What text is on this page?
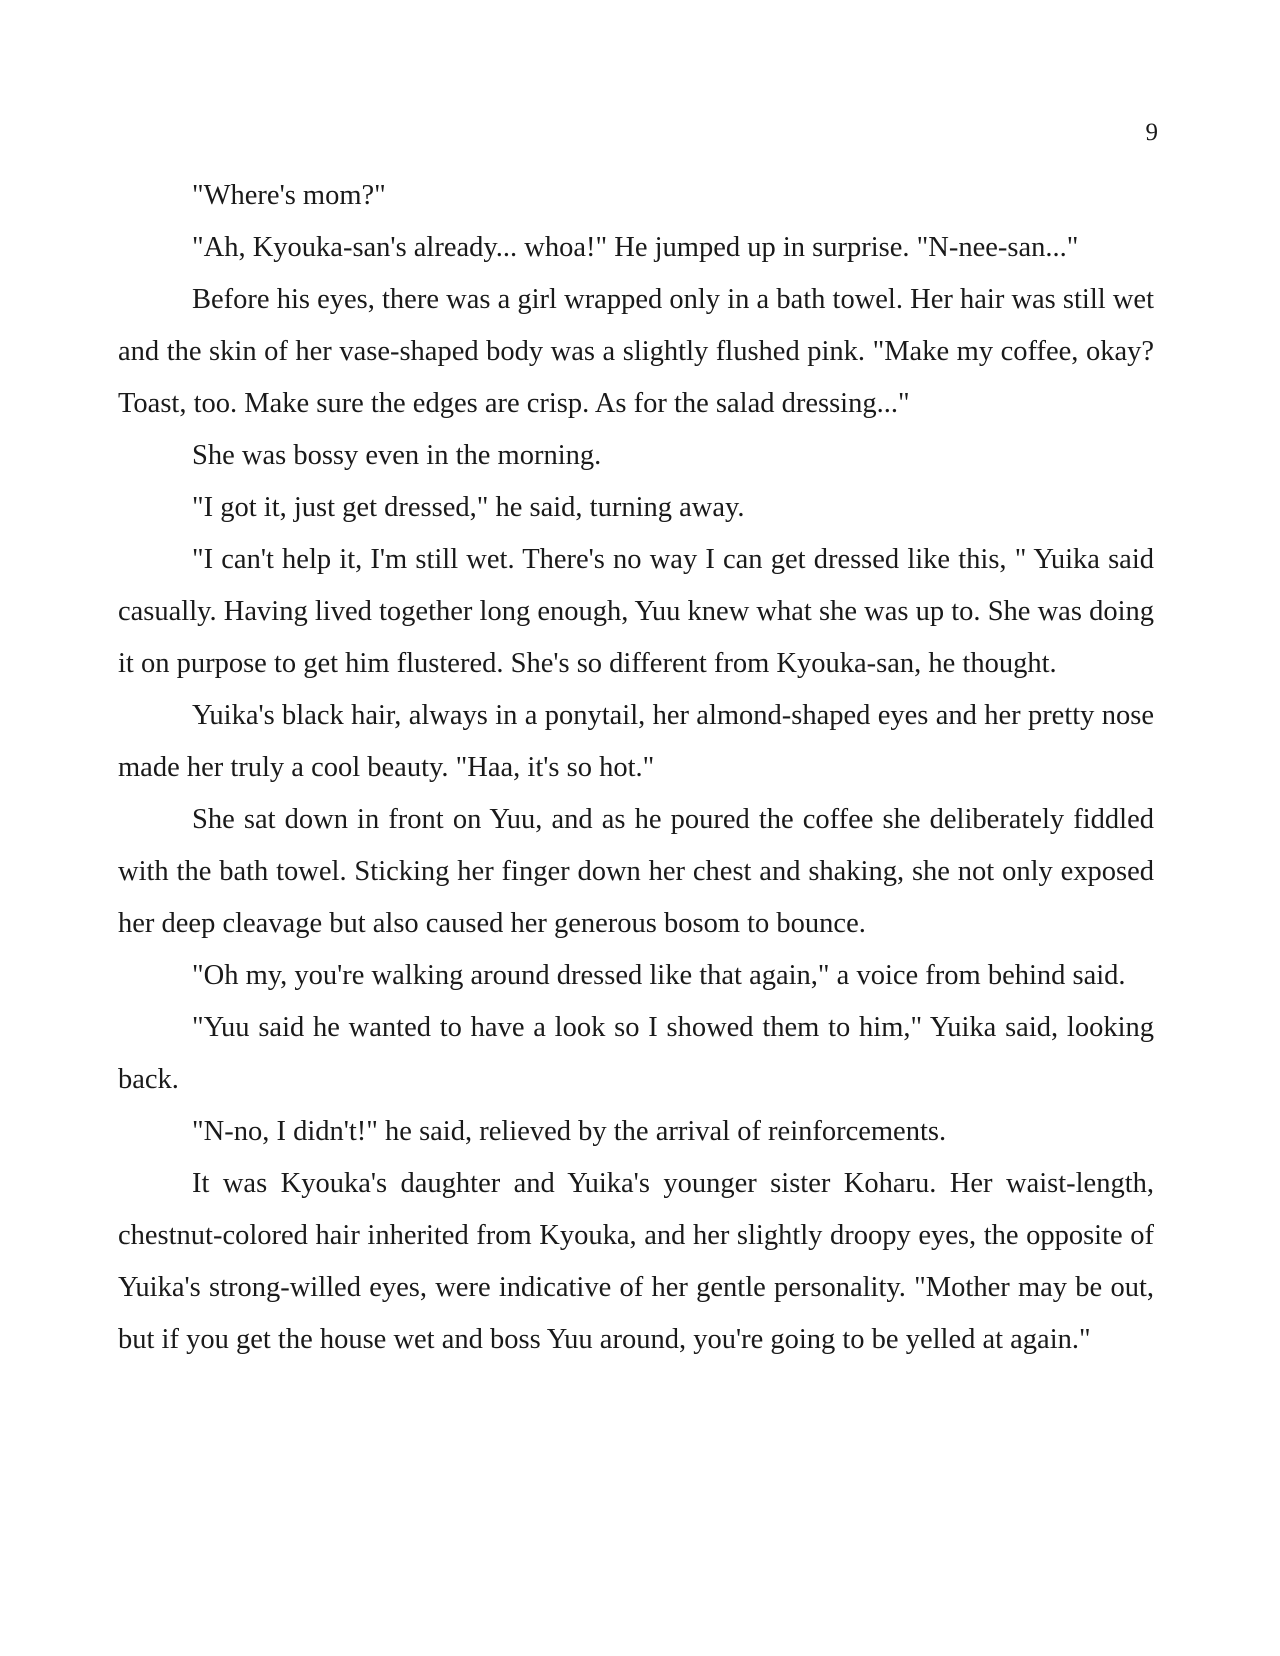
9

"Where's mom?"

"Ah, Kyouka-san's already... whoa!" He jumped up in surprise. "N-nee-san..."

Before his eyes, there was a girl wrapped only in a bath towel. Her hair was still wet and the skin of her vase-shaped body was a slightly flushed pink. "Make my coffee, okay? Toast, too. Make sure the edges are crisp. As for the salad dressing..."

She was bossy even in the morning.

"I got it, just get dressed," he said, turning away.

"I can't help it, I'm still wet. There's no way I can get dressed like this, " Yuika said casually. Having lived together long enough, Yuu knew what she was up to. She was doing it on purpose to get him flustered. She's so different from Kyouka-san, he thought.

Yuika's black hair, always in a ponytail, her almond-shaped eyes and her pretty nose made her truly a cool beauty. "Haa, it's so hot."

She sat down in front on Yuu, and as he poured the coffee she deliberately fiddled with the bath towel. Sticking her finger down her chest and shaking, she not only exposed her deep cleavage but also caused her generous bosom to bounce.

"Oh my, you're walking around dressed like that again," a voice from behind said.

"Yuu said he wanted to have a look so I showed them to him," Yuika said, looking back.

"N-no, I didn't!" he said, relieved by the arrival of reinforcements.

It was Kyouka's daughter and Yuika's younger sister Koharu. Her waist-length, chestnut-colored hair inherited from Kyouka, and her slightly droopy eyes, the opposite of Yuika's strong-willed eyes, were indicative of her gentle personality. "Mother may be out, but if you get the house wet and boss Yuu around, you're going to be yelled at again."
